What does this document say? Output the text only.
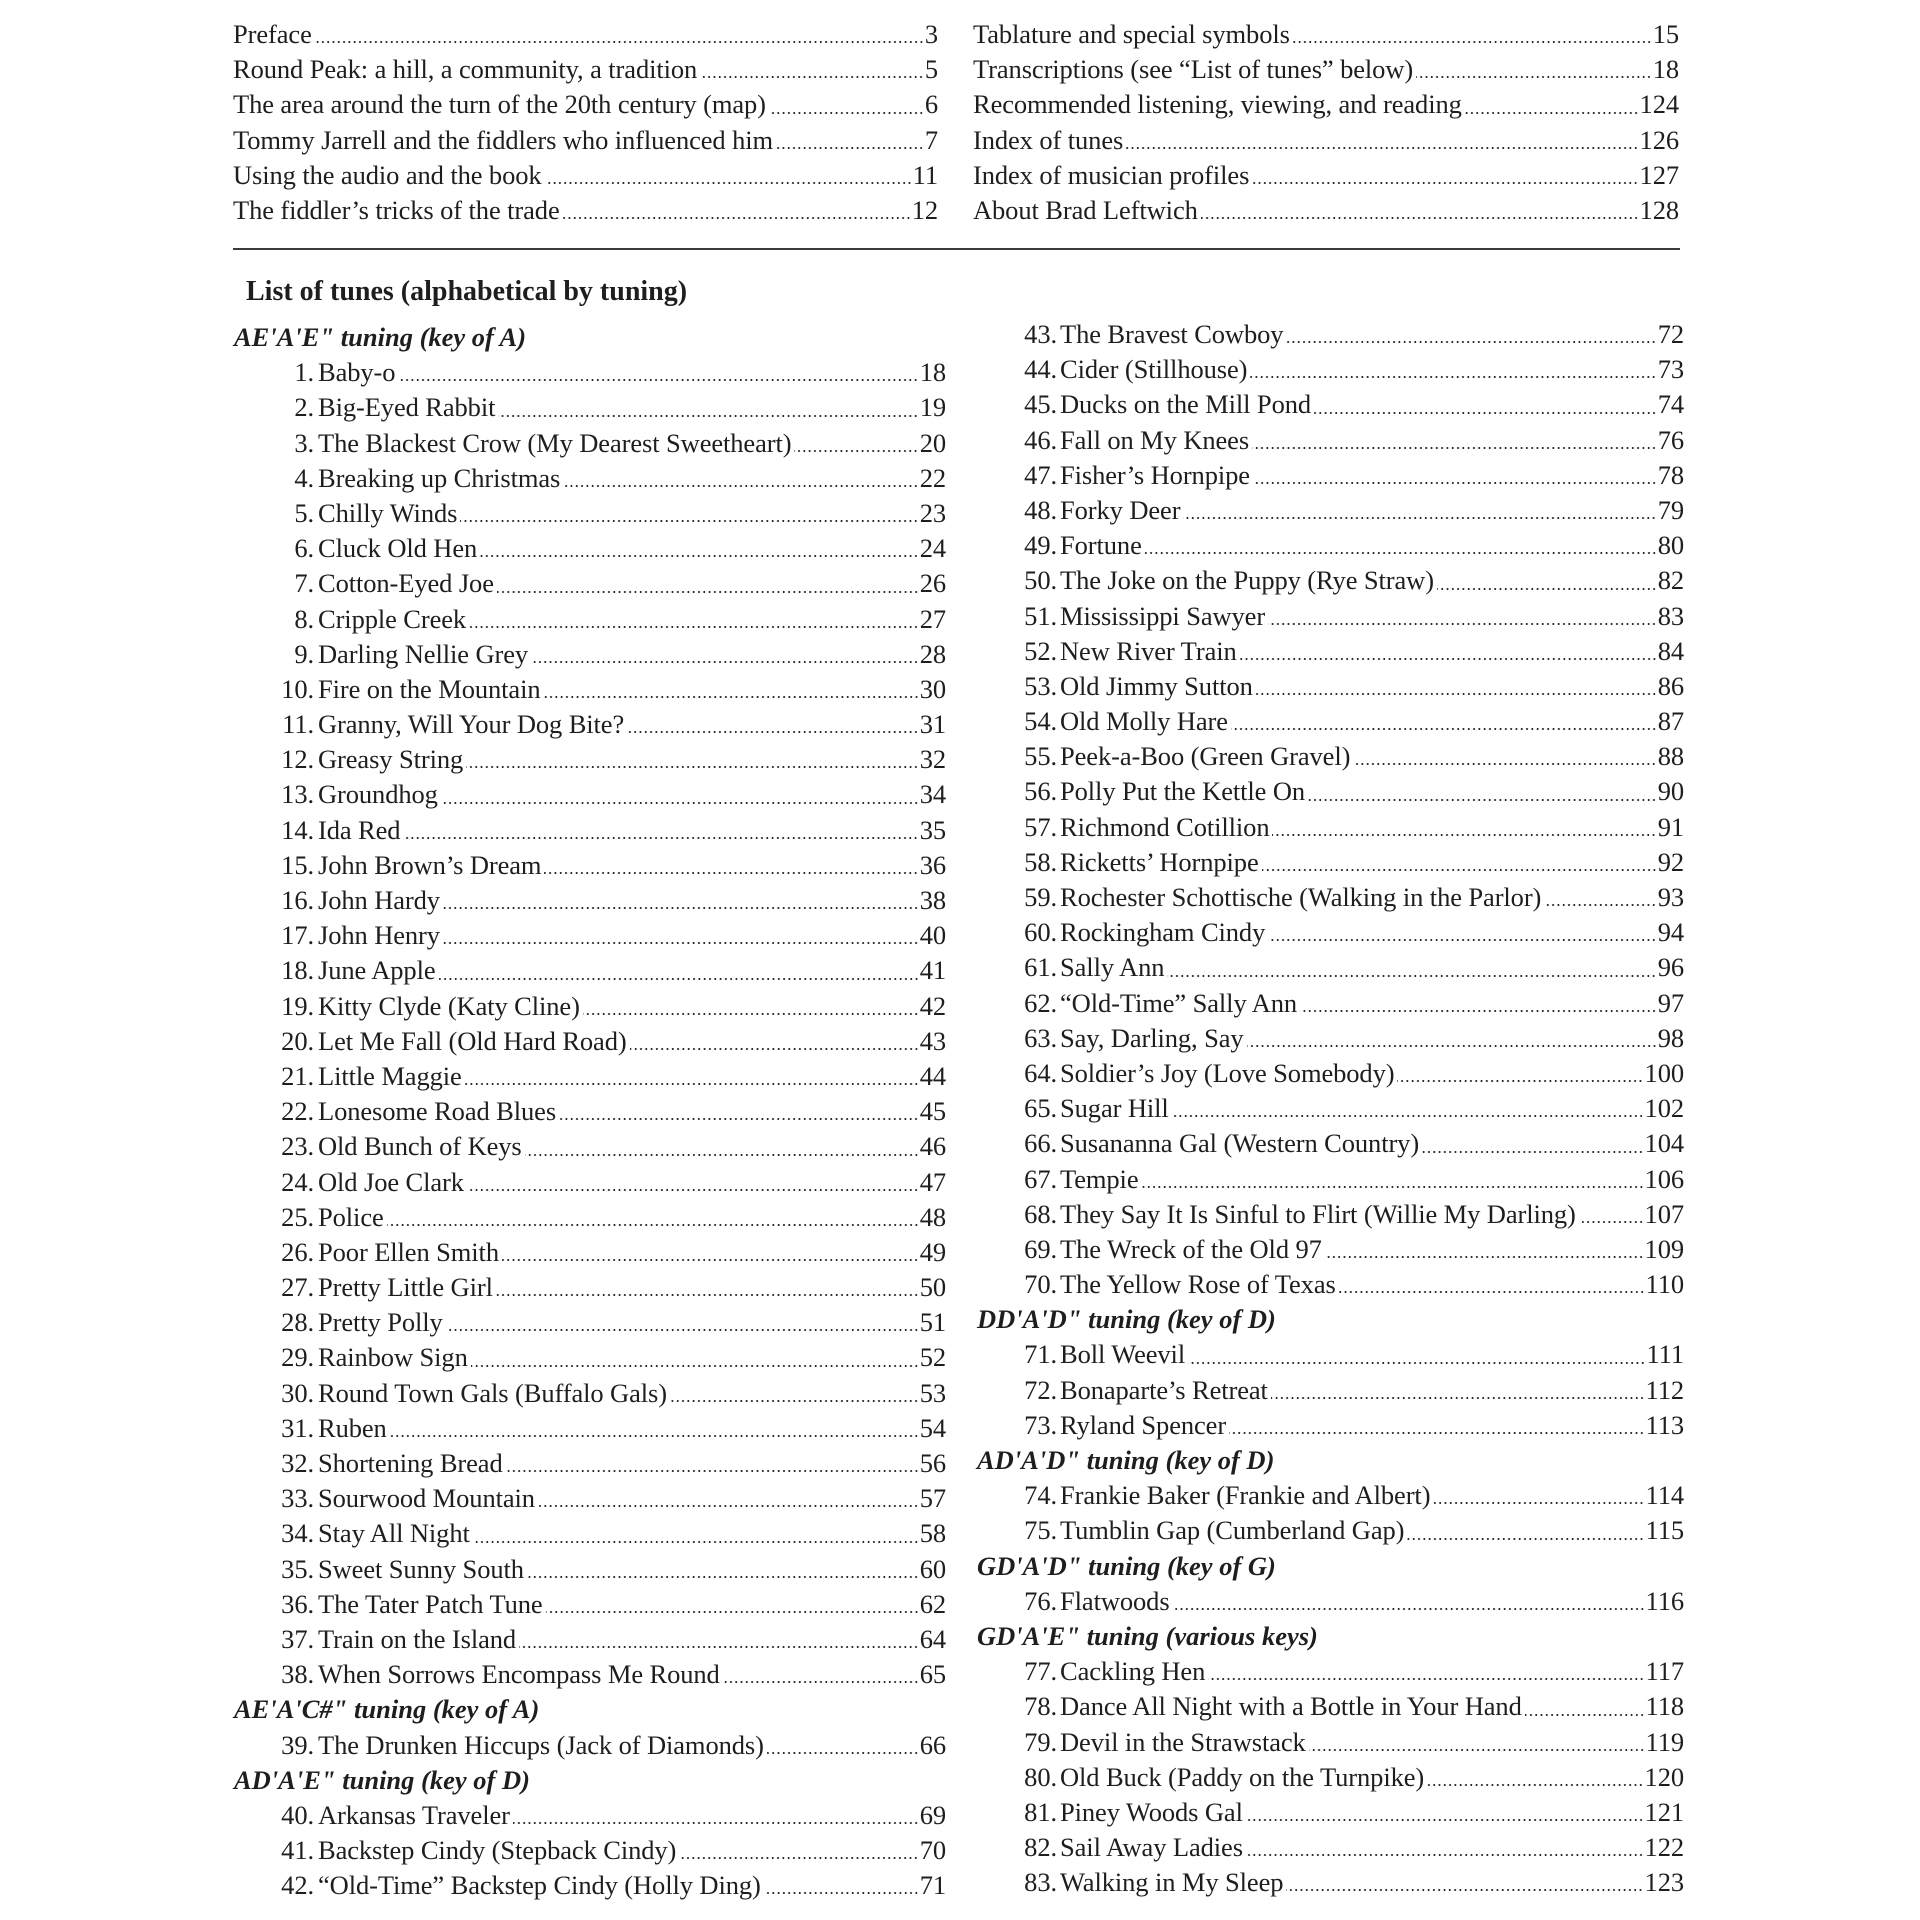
Preface	3
Round Peak: a hill, a community, a tradition	5
The area around the turn of the 20th century (map)	6
Tommy Jarrell and the fiddlers who influenced him	7
Using the audio and the book	11
The fiddler’s tricks of the trade	12
Tablature and special symbols	15
Transcriptions (see “List of tunes” below)	18
Recommended listening, viewing, and reading	124
Index of tunes	126
Index of musician profiles	127
About Brad Leftwich	128
List of tunes (alphabetical by tuning)
AE'A'E" tuning (key of A)
1. Baby-o	18
2. Big-Eyed Rabbit	19
3. The Blackest Crow (My Dearest Sweetheart)	20
4. Breaking up Christmas	22
5. Chilly Winds	23
6. Cluck Old Hen	24
7. Cotton-Eyed Joe	26
8. Cripple Creek	27
9. Darling Nellie Grey	28
10. Fire on the Mountain	30
11. Granny, Will Your Dog Bite?	31
12. Greasy String	32
13. Groundhog	34
14. Ida Red	35
15. John Brown’s Dream	36
16. John Hardy	38
17. John Henry	40
18. June Apple	41
19. Kitty Clyde (Katy Cline)	42
20. Let Me Fall (Old Hard Road)	43
21. Little Maggie	44
22. Lonesome Road Blues	45
23. Old Bunch of Keys	46
24. Old Joe Clark	47
25. Police	48
26. Poor Ellen Smith	49
27. Pretty Little Girl	50
28. Pretty Polly	51
29. Rainbow Sign	52
30. Round Town Gals (Buffalo Gals)	53
31. Ruben	54
32. Shortening Bread	56
33. Sourwood Mountain	57
34. Stay All Night	58
35. Sweet Sunny South	60
36. The Tater Patch Tune	62
37. Train on the Island	64
38. When Sorrows Encompass Me Round	65
AE'A'C#" tuning (key of A)
39. The Drunken Hiccups (Jack of Diamonds)	66
AD'A'E" tuning (key of D)
40. Arkansas Traveler	69
41. Backstep Cindy (Stepback Cindy)	70
42. “Old-Time” Backstep Cindy (Holly Ding)	71
43. The Bravest Cowboy	72
44. Cider (Stillhouse)	73
45. Ducks on the Mill Pond	74
46. Fall on My Knees	76
47. Fisher’s Hornpipe	78
48. Forky Deer	79
49. Fortune	80
50. The Joke on the Puppy (Rye Straw)	82
51. Mississippi Sawyer	83
52. New River Train	84
53. Old Jimmy Sutton	86
54. Old Molly Hare	87
55. Peek-a-Boo (Green Gravel)	88
56. Polly Put the Kettle On	90
57. Richmond Cotillion	91
58. Ricketts’ Hornpipe	92
59. Rochester Schottische (Walking in the Parlor)	93
60. Rockingham Cindy	94
61. Sally Ann	96
62. “Old-Time” Sally Ann	97
63. Say, Darling, Say	98
64. Soldier’s Joy (Love Somebody)	100
65. Sugar Hill	102
66. Susananna Gal (Western Country)	104
67. Tempie	106
68. They Say It Is Sinful to Flirt (Willie My Darling)	107
69. The Wreck of the Old 97	109
70. The Yellow Rose of Texas	110
DD'A'D" tuning (key of D)
71. Boll Weevil	111
72. Bonaparte’s Retreat	112
73. Ryland Spencer	113
AD'A'D" tuning (key of D)
74. Frankie Baker (Frankie and Albert)	114
75. Tumblin Gap (Cumberland Gap)	115
GD'A'D" tuning (key of G)
76. Flatwoods	116
GD'A'E" tuning (various keys)
77. Cackling Hen	117
78. Dance All Night with a Bottle in Your Hand	118
79. Devil in the Strawstack	119
80. Old Buck (Paddy on the Turnpike)	120
81. Piney Woods Gal	121
82. Sail Away Ladies	122
83. Walking in My Sleep	123
